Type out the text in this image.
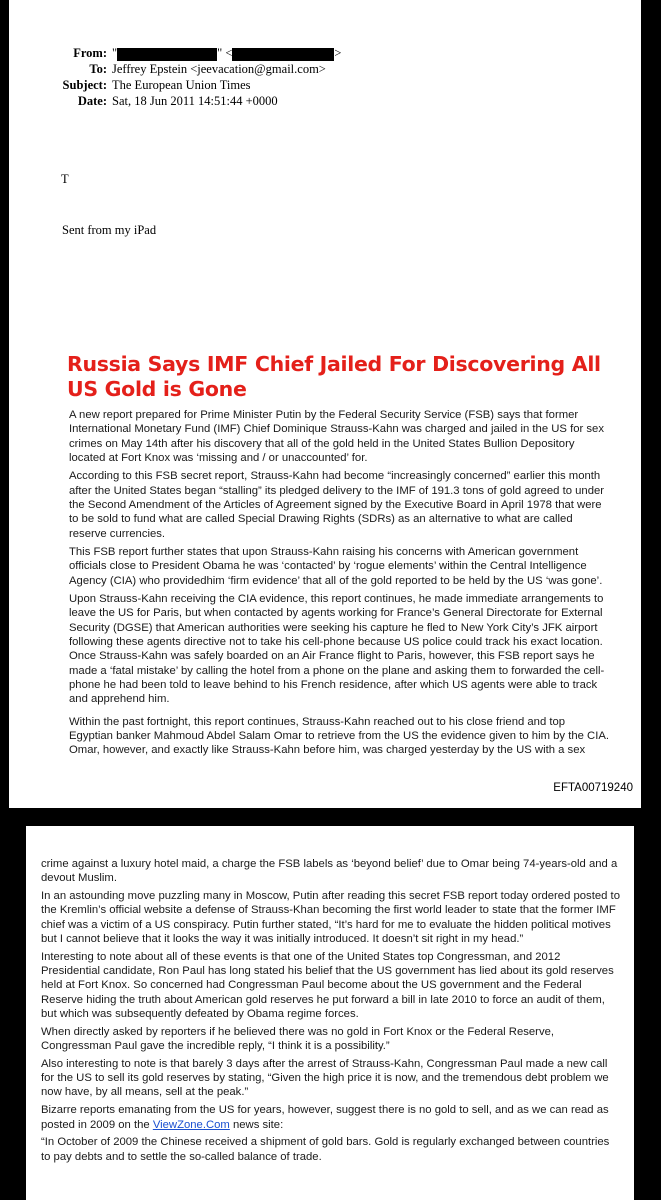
From: "	" <	>
To: Jeffrey Epstein <jeevacation@gmail.com>
Subject: The European Union Times
Date: Sat, 18 Jun 2011 14:51:44 +0000
T
Sent from my iPad
Russia Says IMF Chief Jailed For Discovering All US Gold is Gone

A new report prepared for Prime Minister Putin by the Federal Security Service (FSB) says that former International Monetary Fund (IMF) Chief Dominique Strauss-Kahn was charged and jailed in the US for sex crimes on May 14th after his discovery that all of the gold held in the United States Bullion Depository located at Fort Knox was ‘missing and / or unaccounted’ for.

According to this FSB secret report, Strauss-Kahn had become “increasingly concerned” earlier this month after the United States began “stalling” its pledged delivery to the IMF of 191.3 tons of gold agreed to under the Second Amendment of the Articles of Agreement signed by the Executive Board in April 1978 that were to be sold to fund what are called Special Drawing Rights (SDRs) as an alternative to what are called reserve currencies.

This FSB report further states that upon Strauss-Kahn raising his concerns with American government officials close to President Obama he was ‘contacted’ by ‘rogue elements’ within the Central Intelligence Agency (CIA) who providedhim ‘firm evidence’ that all of the gold reported to be held by the US ‘was gone’.

Upon Strauss-Kahn receiving the CIA evidence, this report continues, he made immediate arrangements to leave the US for Paris, but when contacted by agents working for France’s General Directorate for External Security (DGSE) that American authorities were seeking his capture he fled to New York City’s JFK airport following these agents directive not to take his cell-phone because US police could track his exact location. Once Strauss-Kahn was safely boarded on an Air France flight to Paris, however, this FSB report says he made a ‘fatal mistake’ by calling the hotel from a phone on the plane and asking them to forwarded the cell-phone he had been told to leave behind to his French residence, after which US agents were able to track and apprehend him.

Within the past fortnight, this report continues, Strauss-Kahn reached out to his close friend and top Egyptian banker Mahmoud Abdel Salam Omar to retrieve from the US the evidence given to him by the CIA. Omar, however, and exactly like Strauss-Kahn before him, was charged yesterday by the US with a sex

EFTA00719240

crime against a luxury hotel maid, a charge the FSB labels as ‘beyond belief’ due to Omar being 74-years-old and a devout Muslim.

In an astounding move puzzling many in Moscow, Putin after reading this secret FSB report today ordered posted to the Kremlin’s official website a defense of Strauss-Khan becoming the first world leader to state that the former IMF chief was a victim of a US conspiracy. Putin further stated, “It’s hard for me to evaluate the hidden political motives but I cannot believe that it looks the way it was initially introduced. It doesn’t sit right in my head.”

Interesting to note about all of these events is that one of the United States top Congressman, and 2012 Presidential candidate, Ron Paul has long stated his belief that the US government has lied about its gold reserves held at Fort Knox. So concerned had Congressman Paul become about the US government and the Federal Reserve hiding the truth about American gold reserves he put forward a bill in late 2010 to force an audit of them, but which was subsequently defeated by Obama regime forces.

When directly asked by reporters if he believed there was no gold in Fort Knox or the Federal Reserve, Congressman Paul gave the incredible reply, “I think it is a possibility.”

Also interesting to note is that barely 3 days after the arrest of Strauss-Kahn, Congressman Paul made a new call for the US to sell its gold reserves by stating, “Given the high price it is now, and the tremendous debt problem we now have, by all means, sell at the peak.”

Bizarre reports emanating from the US for years, however, suggest there is no gold to sell, and as we can read as posted in 2009 on the ViewZone.Com news site:

“In October of 2009 the Chinese received a shipment of gold bars. Gold is regularly exchanged between countries to pay debts and to settle the so-called balance of trade.
